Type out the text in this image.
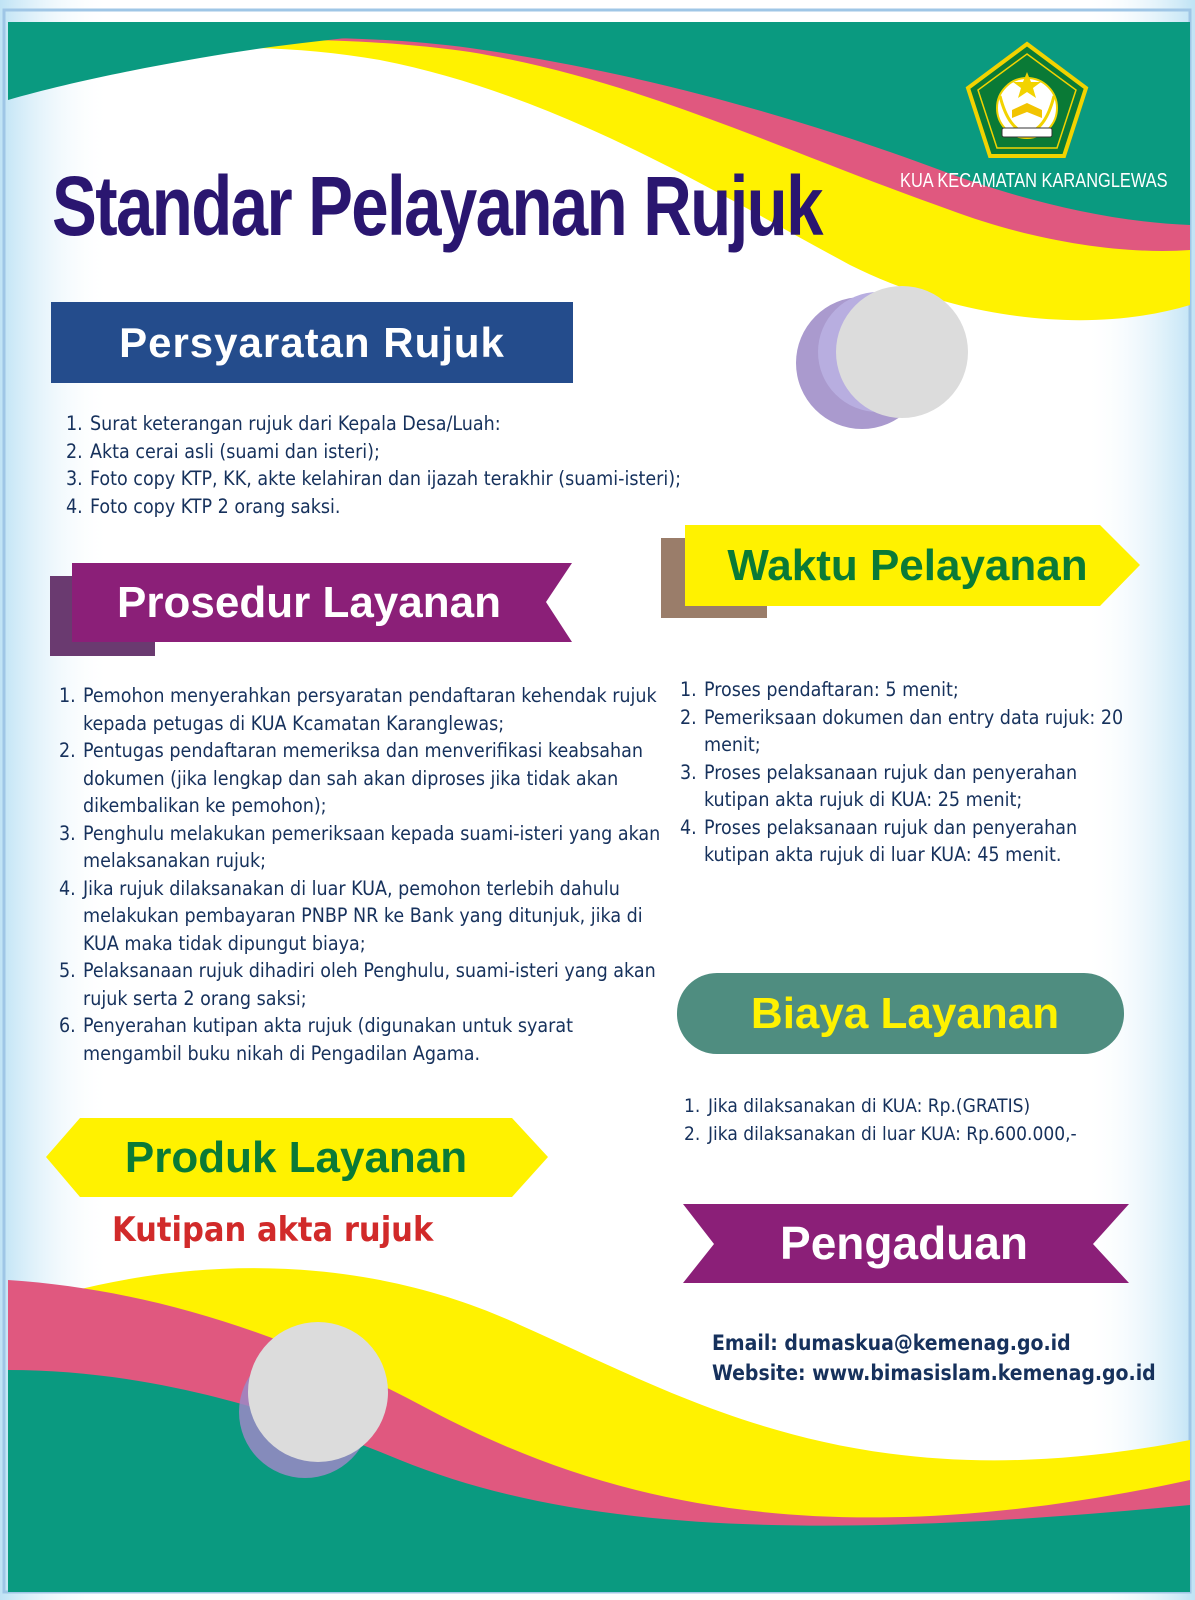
Standar Pelayanan Rujuk	KUA KECAMATAN KARANGLEWAS
Persyaratan Rujuk
Surat keterangan rujuk dari Kepala Desa/Luah:
Akta cerai asli (suami dan isteri);
Foto copy KTP, KK, akte kelahiran dan ijazah terakhir (suami-isteri);
Foto copy KTP 2 orang saksi.
Prosedur Layanan
Pemohon menyerahkan persyaratan pendaftaran kehendak rujuk kepada petugas di KUA Kcamatan Karanglewas;
Pentugas pendaftaran memeriksa dan menverifikasi keabsahan dokumen (jika lengkap dan sah akan diproses jika tidak akan dikembalikan ke pemohon);
Penghulu melakukan pemeriksaan kepada suami-isteri yang akan melaksanakan rujuk;
Jika rujuk dilaksanakan di luar KUA, pemohon terlebih dahulu melakukan pembayaran PNBP NR ke Bank yang ditunjuk, jika di KUA maka tidak dipungut biaya;
Pelaksanaan rujuk dihadiri oleh Penghulu, suami-isteri yang akan rujuk serta 2 orang saksi;
Penyerahan kutipan akta rujuk (digunakan untuk syarat mengambil buku nikah di Pengadilan Agama.
Produk Layanan
Kutipan akta rujuk
Waktu Pelayanan
Proses pendaftaran: 5 menit;
Pemeriksaan dokumen dan entry data rujuk: 20 menit;
Proses pelaksanaan rujuk dan penyerahan kutipan akta rujuk di KUA: 25 menit;
Proses pelaksanaan rujuk dan penyerahan kutipan akta rujuk di luar KUA: 45 menit.
Biaya Layanan
Jika dilaksanakan di KUA: Rp.(GRATIS)
Jika dilaksanakan di luar KUA: Rp.600.000,-
Pengaduan
Email: dumaskua@kemenag.go.id
Website: www.bimasislam.kemenag.go.id
